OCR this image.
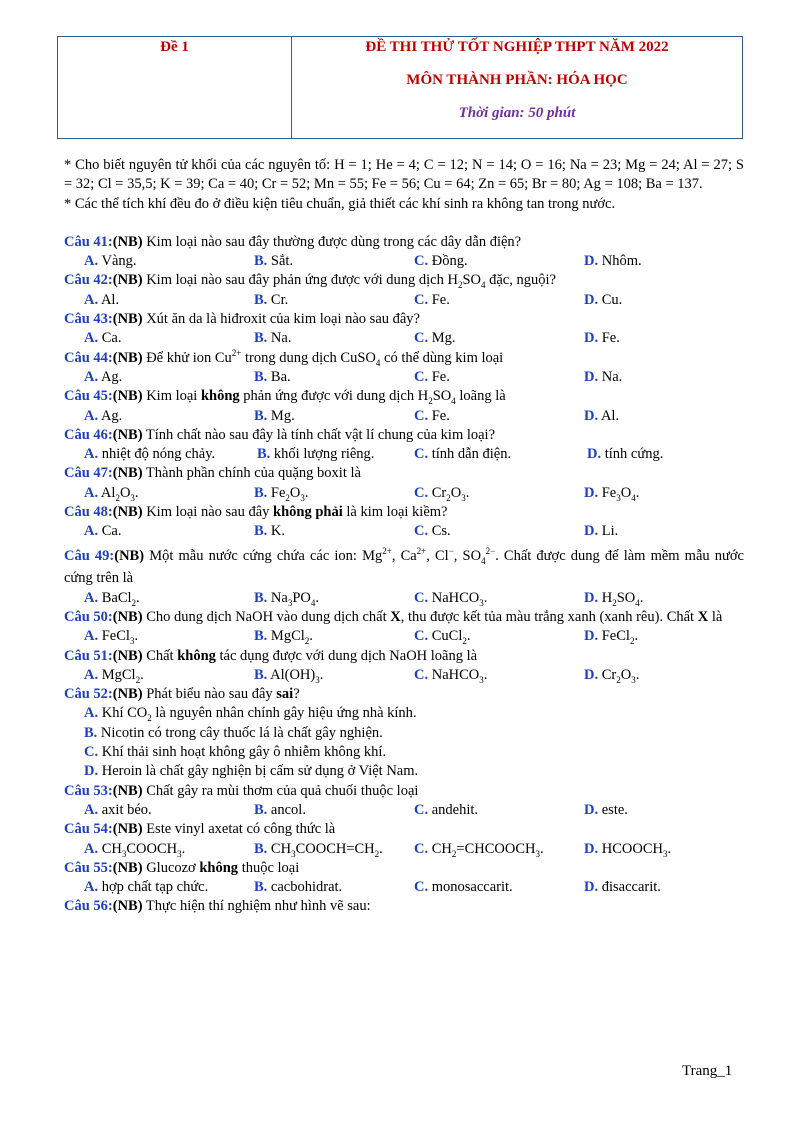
Đề 1	ĐỀ THI THỬ TỐT NGHIỆP THPT NĂM 2022
MÔN THÀNH PHẦN: HÓA HỌC
Thời gian: 50 phút
* Cho biết nguyên tử khối của các nguyên tố: H = 1; He = 4; C = 12; N = 14; O = 16; Na = 23; Mg = 24; Al = 27; S = 32; Cl = 35,5; K = 39; Ca = 40; Cr = 52; Mn = 55; Fe = 56; Cu = 64; Zn = 65; Br = 80; Ag = 108; Ba = 137.
* Các thể tích khí đều đo ở điều kiện tiêu chuẩn, giả thiết các khí sinh ra không tan trong nước.
Câu 41:(NB) Kim loại nào sau đây thường được dùng trong các dây dẫn điện?
A. Vàng.	B. Sắt.	C. Đồng.	D. Nhôm.
Câu 42:(NB) Kim loại nào sau đây phản ứng được với dung dịch $H_2SO_4$ đặc, nguội?
A. Al.	B. Cr.	C. Fe.	D. Cu.
Câu 43:(NB) Xút ăn da là hiđroxit của kim loại nào sau đây?
A. Ca.	B. Na.	C. Mg.	D. Fe.
Câu 44:(NB) Để khử ion $Cu^{2+}$ trong dung dịch CuSO$_4$ có thể dùng kim loại
A. Ag.	B. Ba.	C. Fe.	D. Na.
Câu 45:(NB) Kim loại không phản ứng được với dung dịch $H_2SO_4$ loãng là
A. Ag.	B. Mg.	C. Fe.	D. Al.
Câu 46:(NB) Tính chất nào sau đây là tính chất vật lí chung của kim loại?
A. nhiệt độ nóng chảy.	B. khối lượng riêng.	C. tính dẫn điện.	D. tính cứng.
Câu 47:(NB) Thành phần chính của quặng boxit là
A. $Al_2O_3$.	B. $Fe_2O_3$.	C. $Cr_2O_3$.	D. $Fe_3O_4$.
Câu 48:(NB) Kim loại nào sau đây không phải là kim loại kiềm?
A. Ca.	B. K.	C. Cs.	D. Li.
Câu 49:(NB) Một mẫu nước cứng chứa các ion: $Mg^{2+}$, $Ca^{2+}$, Cl−, $SO_4^{2-}$. Chất được dung để làm mềm mẫu nước cứng trên là
A. BaCl$_2$.	B. $Na_3PO_4$.	C. NaHCO$_3$.	D. $H_2SO_4$.
Câu 50:(NB) Cho dung dịch NaOH vào dung dịch chất X, thu được kết tủa màu trắng xanh (xanh rêu). Chất X là
A. FeCl$_3$.	B. MgCl$_2$.	C. CuCl$_2$.	D. FeCl$_2$.
Câu 51:(NB) Chất không tác dụng được với dung dịch NaOH loãng là
A. MgCl$_2$.	B. $Al(OH)_3$.	C. NaHCO$_3$.	D. $Cr_2O_3$.
Câu 52:(NB) Phát biểu nào sau đây sai?
A. Khí $CO_2$ là nguyên nhân chính gây hiệu ứng nhà kính.
B. Nicotin có trong cây thuốc lá là chất gây nghiện.
C. Khí thải sinh hoạt không gây ô nhiễm không khí.
D. Heroin là chất gây nghiện bị cấm sử dụng ở Việt Nam.
Câu 53:(NB) Chất gây ra mùi thơm của quả chuối thuộc loại
A. axit béo.	B. ancol.	C. andehit.	D. este.
Câu 54:(NB) Este vinyl axetat có công thức là
A. $CH_3COOCH_3$.	B. $CH_3COOCH=CH_2$. C. $CH_2=CHCOOCH_3$.	D. $HCOOCH_3$.
Câu 55:(NB) Glucozơ không thuộc loại
A. hợp chất tạp chức.	B. cacbohidrat.	C. monosaccarit.	D. đisaccarit.
Câu 56:(NB) Thực hiện thí nghiệm như hình vẽ sau:
Trang_1
